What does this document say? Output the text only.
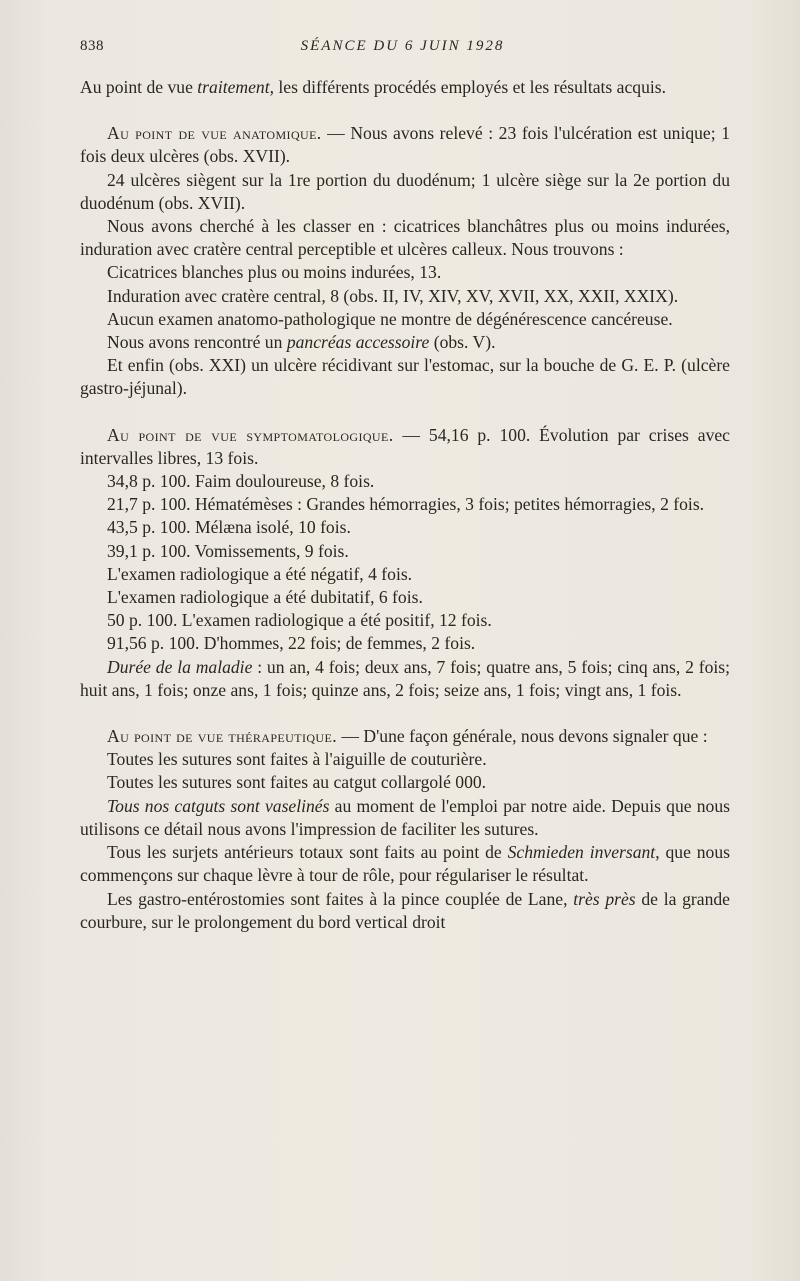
838	SÉANCE DU 6 JUIN 1928

Au point de vue traitement, les différents procédés employés et les résultats acquis.

Au point de vue anatomique. — Nous avons relevé : 23 fois l'ulcération est unique; 1 fois deux ulcères (obs. XVII).

24 ulcères siègent sur la 1re portion du duodénum; 1 ulcère siège sur la 2e portion du duodénum (obs. XVII).

Nous avons cherché à les classer en : cicatrices blanchâtres plus ou moins indurées, induration avec cratère central perceptible et ulcères calleux. Nous trouvons :

Cicatrices blanches plus ou moins indurées, 13.

Induration avec cratère central, 8 (obs. II, IV, XIV, XV, XVII, XX, XXII, XXIX).

Aucun examen anatomo-pathologique ne montre de dégénérescence cancéreuse.

Nous avons rencontré un pancréas accessoire (obs. V).

Et enfin (obs. XXI) un ulcère récidivant sur l'estomac, sur la bouche de G. E. P. (ulcère gastro-jéjunal).

Au point de vue symptomatologique. — 54,16 p. 100. Évolution par crises avec intervalles libres, 13 fois.

34,8 p. 100. Faim douloureuse, 8 fois.

21,7 p. 100. Hématémèses : Grandes hémorragies, 3 fois; petites hémorragies, 2 fois.

43,5 p. 100. Mélæna isolé, 10 fois.

39,1 p. 100. Vomissements, 9 fois.

L'examen radiologique a été négatif, 4 fois.

L'examen radiologique a été dubitatif, 6 fois.

50 p. 100. L'examen radiologique a été positif, 12 fois.

91,56 p. 100. D'hommes, 22 fois; de femmes, 2 fois.

Durée de la maladie : un an, 4 fois; deux ans, 7 fois; quatre ans, 5 fois; cinq ans, 2 fois; huit ans, 1 fois; onze ans, 1 fois; quinze ans, 2 fois; seize ans, 1 fois; vingt ans, 1 fois.

Au point de vue thérapeutique. — D'une façon générale, nous devons signaler que :

Toutes les sutures sont faites à l'aiguille de couturière.

Toutes les sutures sont faites au catgut collargolé 000.

Tous nos catguts sont vaselinés au moment de l'emploi par notre aide. Depuis que nous utilisons ce détail nous avons l'impression de faciliter les sutures.

Tous les surjets antérieurs totaux sont faits au point de Schmieden inversant, que nous commençons sur chaque lèvre à tour de rôle, pour régulariser le résultat.

Les gastro-entérostomies sont faites à la pince couplée de Lane, très près de la grande courbure, sur le prolongement du bord vertical droit
